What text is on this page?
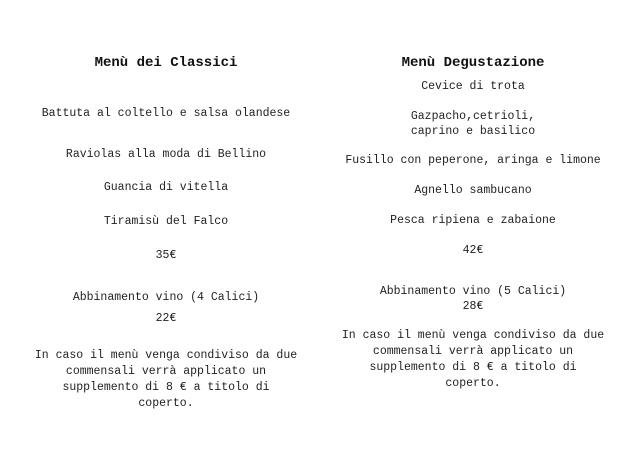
Menù dei Classici
Battuta al coltello e salsa olandese
Raviolas alla moda di Bellino
Guancia di vitella
Tiramisù del Falco
35€
Abbinamento vino (4 Calici)
22€
In caso il menù venga condiviso da due
commensali verrà applicato un
supplemento di 8 € a titolo di
coperto.
Menù Degustazione
Cevice di trota
Gazpacho,cetrioli,
caprino e basilico
Fusillo con peperone, aringa e limone
Agnello sambucano
Pesca ripiena e zabaione
42€
Abbinamento vino (5 Calici)
28€
In caso il menù venga condiviso da due
commensali verrà applicato un
supplemento di 8 € a titolo di
coperto.
